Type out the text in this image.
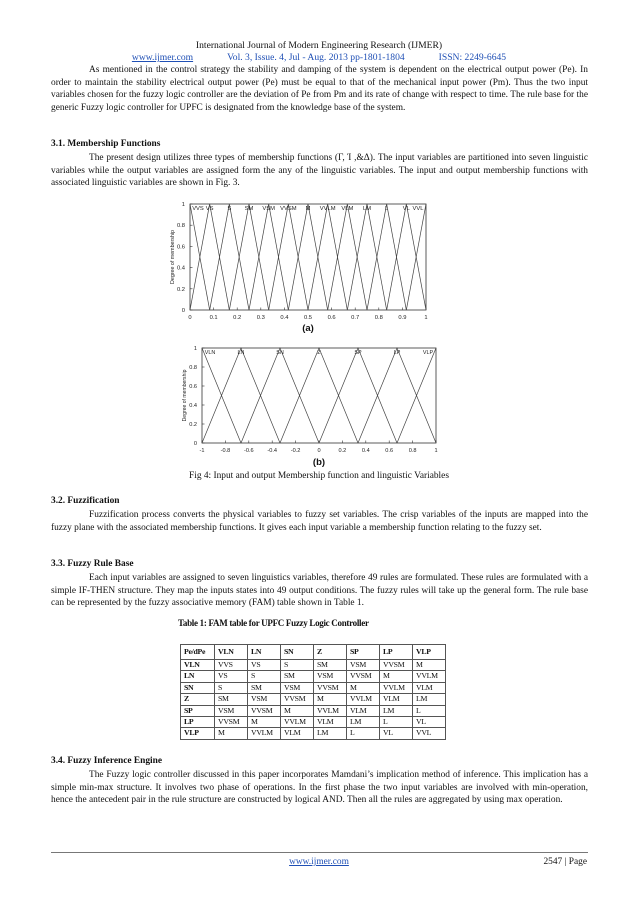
International Journal of Modern Engineering Research (IJMER)
www.ijmer.com	Vol. 3, Issue. 4, Jul - Aug. 2013 pp-1801-1804	ISSN: 2249-6645

As mentioned in the control strategy the stability and damping of the system is dependent on the electrical output power (Pe). In order to maintain the stability electrical output power (Pe) must be equal to that of the mechanical input power (Pm). Thus the two input variables chosen for the fuzzy logic controller are the deviation of Pe from Pm and its rate of change with respect to time. The rule base for the generic Fuzzy logic controller for UPFC is designated from the knowledge base of the system.

3.1. Membership Functions

The present design utilizes three types of membership functions (Γ, Ί ,&Δ). The input variables are partitioned into seven linguistic variables while the output variables are assigned form the any of the linguistic variables. The input and output membership functions with associated linguistic variables are shown in Fig. 3.

0	0.1	0.2	0.3	0.4	0.5	0.6	0.7	0.8	0.9	1
0
0.2
0.4
0.6
0.8
1
Degree of membership
VVS VS S SM VSM VVSM M VVLM VLM LM L	VL VVL
(a)
-1	-0.8 -0.6 -0.4 -0.2	0	0.2	0.4	0.6	0.8	1
0
0.2
0.4
0.6
0.8
1
Degree of membership
VLN	LN	SN	Z	SP	LP	VLP
(b)
Fig 4: Input and output Membership function and linguistic Variables

3.2. Fuzzification

Fuzzification process converts the physical variables to fuzzy set variables. The crisp variables of the inputs are mapped into the fuzzy plane with the associated membership functions. It gives each input variable a membership function relating to the fuzzy set.

3.3. Fuzzy Rule Base

Each input variables are assigned to seven linguistics variables, therefore 49 rules are formulated. These rules are formulated with a simple IF-THEN structure. They map the inputs states into 49 output conditions. The fuzzy rules will take up the general form. The rule base can be represented by the fuzzy associative memory (FAM) table shown in Table 1.

Table 1: FAM table for UPFC Fuzzy Logic Controller
Pe/dPe	VLN	LN	SN	Z	SP	LP	VLP
VLN	VVS	VS	S	SM	VSM	VVSM	M
LN	VS	S	SM	VSM	VVSM	M	VVLM
SN	S	SM	VSM	VVSM	M	VVLM	VLM
Z	SM	VSM	VVSM	M	VVLM	VLM	LM
SP	VSM	VVSM	M	VVLM	VLM	LM	L
LP	VVSM	M	VVLM	VLM	LM	L	VL
VLP	M	VVLM	VLM	LM	L	VL	VVL

3.4. Fuzzy Inference Engine

The Fuzzy logic controller discussed in this paper incorporates Mamdani’s implication method of inference. This implication has a simple min-max structure. It involves two phase of operations. In the first phase the two input variables are involved with min-operation, hence the antecedent pair in the rule structure are constructed by logical AND. Then all the rules are aggregated by using max operation.

www.ijmer.com	2547 | Page
